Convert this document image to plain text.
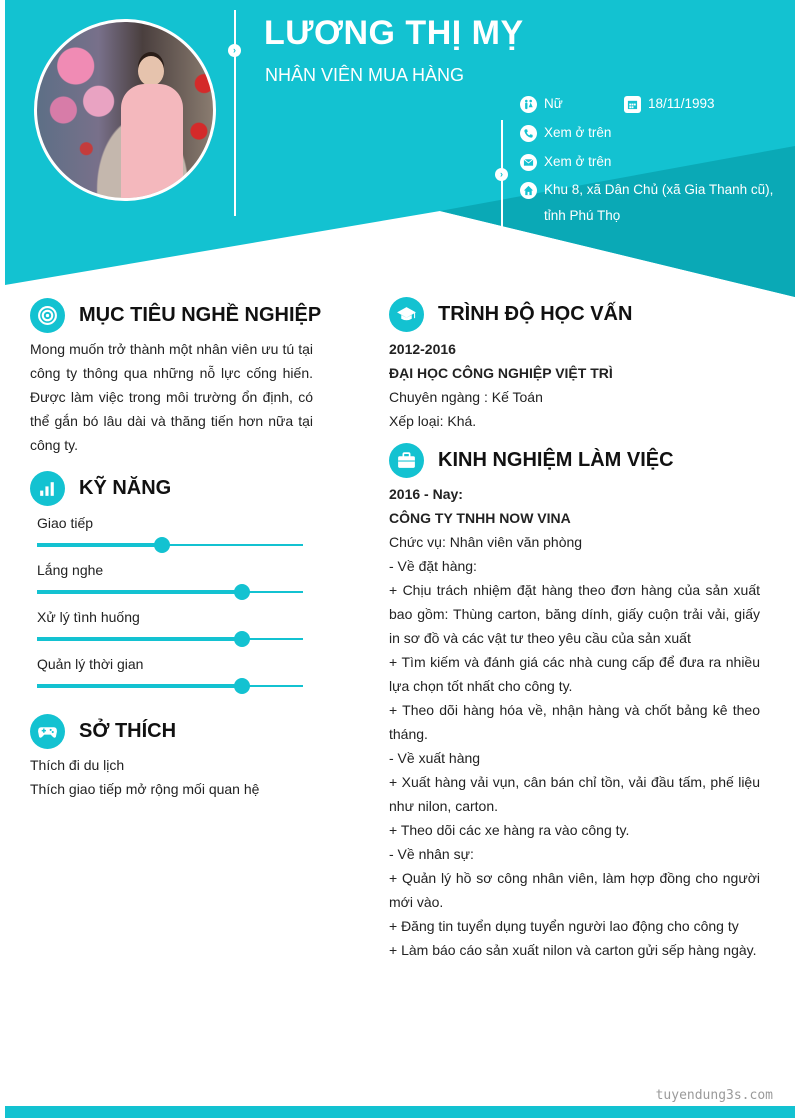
›
›
LƯƠNG THỊ MỴ
NHÂN VIÊN MUA HÀNG
Nữ	18/11/1993
Xem ở trên
Xem ở trên
Khu 8, xã Dân Chủ (xã Gia Thanh cũ), tỉnh Phú Thọ
MỤC TIÊU NGHỀ NGHIỆP
Mong muốn trở thành một nhân viên ưu tú tại công ty thông qua những nỗ lực cống hiến. Được làm việc trong môi trường ổn định, có thể gắn bó lâu dài và thăng tiến hơn nữa tại công ty.
KỸ NĂNG
Giao tiếp
Lắng nghe
Xử lý tình huống
Quản lý thời gian
SỞ THÍCH
Thích đi du lịch
Thích giao tiếp mở rộng mối quan hệ
TRÌNH ĐỘ HỌC VẤN
2012-2016
ĐẠI HỌC CÔNG NGHIỆP VIỆT TRÌ
Chuyên ngàng : Kế Toán
Xếp loại: Khá.
KINH NGHIỆM LÀM VIỆC
2016 - Nay:
CÔNG TY TNHH NOW VINA
Chức vụ: Nhân viên văn phòng
- Về đặt hàng:
+ Chịu trách nhiệm đặt hàng theo đơn hàng của sản xuất bao gồm: Thùng carton, băng dính, giấy cuộn trải vải, giấy in sơ đồ và các vật tư theo yêu cầu của sản xuất
+ Tìm kiếm và đánh giá các nhà cung cấp để đưa ra nhiều lựa chọn tốt nhất cho công ty.
+ Theo dõi hàng hóa về, nhận hàng và chốt bảng kê theo tháng.
- Về xuất hàng
+ Xuất hàng vải vụn, cân bán chỉ tồn, vải đầu tấm, phế liệu như nilon, carton.
+ Theo dõi các xe hàng ra vào công ty.
- Về nhân sự:
+ Quản lý hồ sơ công nhân viên, làm hợp đồng cho người mới vào.
+ Đăng tin tuyển dụng tuyển người lao động cho công ty
+ Làm báo cáo sản xuất nilon và carton gửi sếp hàng ngày.
tuyendung3s.com
